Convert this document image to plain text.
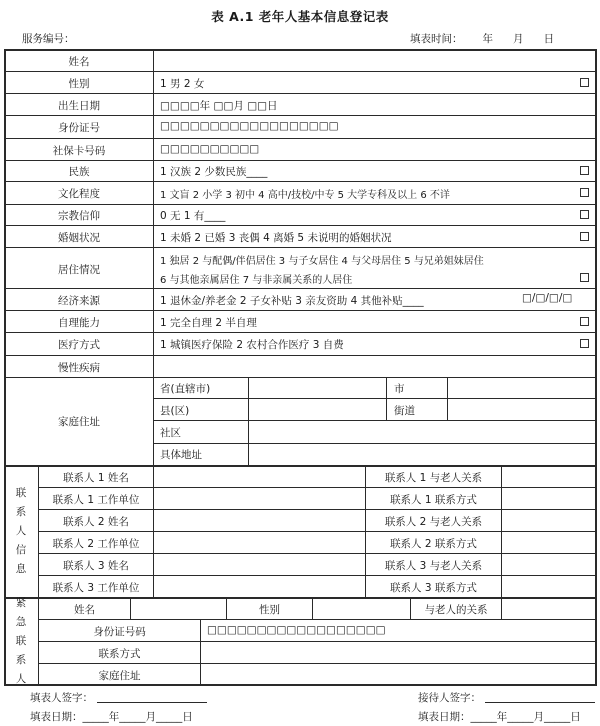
表 A.1 老年人基本信息登记表
服务编号：	填表时间：      年      月      日
姓名
性别	1 男 2 女
出生日期	□□□□年 □□月 □□日
身份证号	□□□□□□□□□□□□□□□□□□
社保卡号码	□□□□□□□□□□
民族	1 汉族 2 少数民族____
文化程度	1 文盲 2 小学 3 初中 4 高中/技校/中专 5 大学专科及以上 6 不详
宗教信仰	0 无 1 有____
婚姻状况	1 未婚 2 已婚 3 丧偶 4 离婚 5 未说明的婚姻状况
居住情况
1 独居 2 与配偶/伴侣居住 3 与子女居住 4 与父母居住 5 与兄弟姐妹居住
6 与其他亲属居住 7 与非亲属关系的人居住
经济来源	1 退休金/养老金 2 子女补贴 3 亲友资助 4 其他补贴____	□/□/□/□
自理能力	1 完全自理 2 半自理
医疗方式	1 城镇医疗保险 2 农村合作医疗 3 自费
慢性疾病
家庭住址
省(直辖市)	市
县(区)	街道
社区
具体地址
联系人信息
联系人 1 姓名	联系人 1 与老人关系
联系人 1 工作单位	联系人 1 联系方式
联系人 2 姓名	联系人 2 与老人关系
联系人 2 工作单位	联系人 2 联系方式
联系人 3 姓名	联系人 3 与老人关系
联系人 3 工作单位	联系人 3 联系方式
紧急联系人
姓名	性别	与老人的关系
身份证号码	□□□□□□□□□□□□□□□□□□
联系方式
家庭住址
填表人签字：	接待人签字：
填表日期：_____年_____月_____日	填表日期：_____年_____月_____日
